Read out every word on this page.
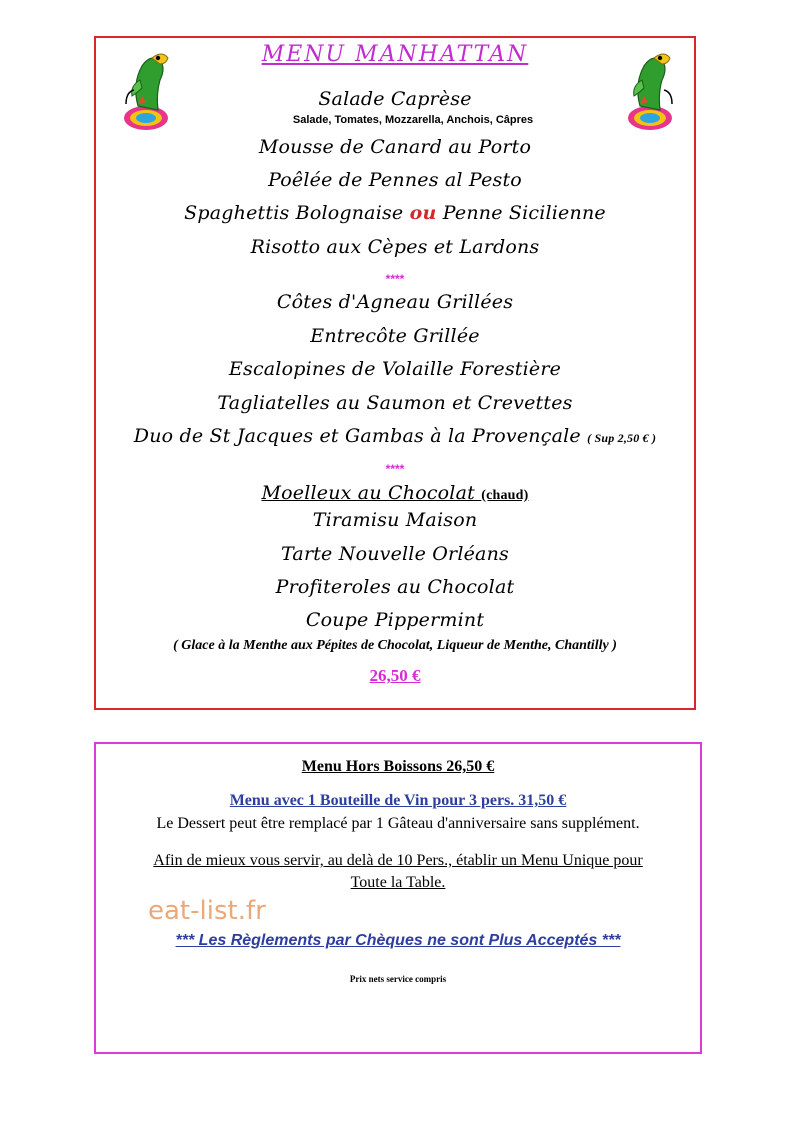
MENU MANHATTAN
Salade Caprèse
Salade, Tomates, Mozzarella, Anchois, Câpres
Mousse de Canard au Porto
Poêlée de Pennes al Pesto
Spaghettis Bolognaise ou Penne Sicilienne
Risotto aux Cèpes et Lardons
****
Côtes d'Agneau Grillées
Entrecôte Grillée
Escalopines de Volaille Forestière
Tagliatelles au Saumon et Crevettes
Duo de St Jacques et Gambas à la Provençale ( Sup 2,50 € )
****
Moelleux au Chocolat (chaud)
Tiramisu Maison
Tarte Nouvelle Orléans
Profiteroles au Chocolat
Coupe Pippermint
( Glace à la Menthe aux Pépites de Chocolat, Liqueur de Menthe, Chantilly )
26,50 €
Menu Hors Boissons 26,50 €
Menu avec 1 Bouteille de Vin pour 3 pers. 31,50 €
Le Dessert peut être remplacé par 1 Gâteau d'anniversaire sans supplément.
Afin de mieux vous servir, au delà de 10 Pers., établir un Menu Unique pour
Toute la Table.
*** Les Règlements par Chèques ne sont Plus Acceptés ***
Prix nets service compris
eat-list.fr
